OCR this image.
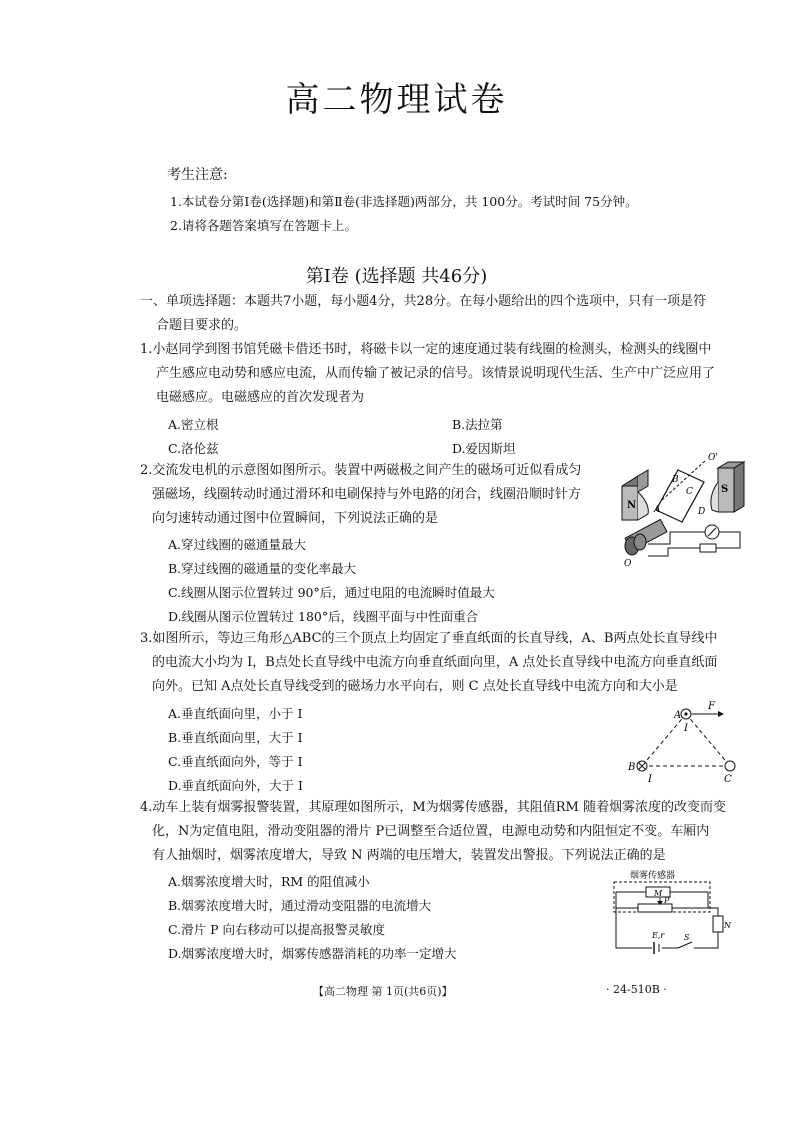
高二物理试卷
考生注意:
1.本试卷分第Ⅰ卷(选择题)和第Ⅱ卷(非选择题)两部分，共 100分。考试时间 75分钟。
2.请将各题答案填写在答题卡上。
第Ⅰ卷 (选择题 共46分)
一、单项选择题：本题共7小题，每小题4分，共28分。在每小题给出的四个选项中，只有一项是符
合题目要求的。
1.小赵同学到图书馆凭磁卡借还书时，将磁卡以一定的速度通过装有线圈的检测头，检测头的线圈中
产生感应电动势和感应电流，从而传输了被记录的信号。该情景说明现代生活、生产中广泛应用了
电磁感应。电磁感应的首次发现者为
A.密立根	B.法拉第
C.洛伦兹	D.爱因斯坦
2.交流发电机的示意图如图所示。装置中两磁极之间产生的磁场可近似看成匀
强磁场，线圈转动时通过滑环和电刷保持与外电路的闭合，线圈沿顺时针方
向匀速转动通过图中位置瞬间，下列说法正确的是
A.穿过线圈的磁通量最大
B.穿过线圈的磁通量的变化率最大
C.线圈从图示位置转过 90°后，通过电阻的电流瞬时值最大
D.线圈从图示位置转过 180°后，线圈平面与中性面重合
N
S
A
B
C
D
O
O'
3.如图所示，等边三角形△ABC的三个顶点上均固定了垂直纸面的长直导线，A、B两点处长直导线中
的电流大小均为 I，B点处长直导线中电流方向垂直纸面向里，A 点处长直导线中电流方向垂直纸面
向外。已知 A点处长直导线受到的磁场力水平向右，则 C 点处长直导线中电流方向和大小是
A.垂直纸面向里，小于 I
B.垂直纸面向里，大于 I
C.垂直纸面向外，等于 I
D.垂直纸面向外，大于 I
A
F
I
B
I	C
4.动车上装有烟雾报警装置，其原理如图所示，M为烟雾传感器，其阻值RM 随着烟雾浓度的改变而变
化，N为定值电阻，滑动变阻器的滑片 P已调整至合适位置，电源电动势和内阻恒定不变。车厢内
有人抽烟时，烟雾浓度增大，导致 N 两端的电压增大，装置发出警报。下列说法正确的是
A.烟雾浓度增大时，RM 的阻值减小
B.烟雾浓度增大时，通过滑动变阻器的电流增大
C.滑片 P 向右移动可以提高报警灵敏度
D.烟雾浓度增大时，烟雾传感器消耗的功率一定增大
烟雾传感器
M
P
N
E,r S
【高二物理 第 1页(共6页)】	· 24-510B ·
